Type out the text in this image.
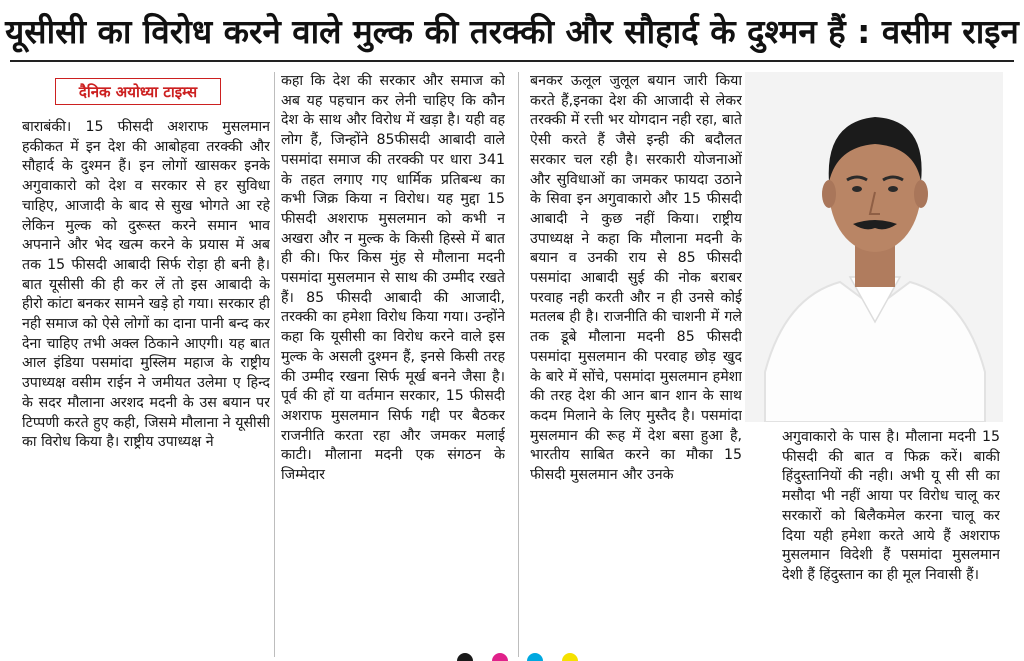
यूसीसी का विरोध करने वाले मुल्क की तरक्की और सौहार्द के दुश्मन हैं : वसीम राइन
दैनिक अयोध्या टाइम्स

बाराबंकी। 15 फीसदी अशराफ मुसलमान हकीकत में इन देश की आबोहवा तरक्की और सौहार्द के दुश्मन हैं। इन लोगों खासकर इनके अगुवाकारो को देश व सरकार से हर सुविधा चाहिए, आजादी के बाद से सुख भोगते आ रहे लेकिन मुल्क को दुरूस्त करने समान भाव अपनाने और भेद खत्म करने के प्रयास में अब तक 15 फीसदी आबादी सिर्फ रोड़ा ही बनी है। बात यूसीसी की ही कर लें तो इस आबादी के हीरो कांटा बनकर सामने खड़े हो गया। सरकार ही नही समाज को ऐसे लोगों का दाना पानी बन्द कर देना चाहिए तभी अक्ल ठिकाने आएगी। यह बात आल इंडिया पसमांदा मुस्लिम महाज के राष्ट्रीय उपाध्यक्ष वसीम राईन ने जमीयत उलेमा ए हिन्द के सदर मौलाना अरशद मदनी के उस बयान पर टिप्पणी करते हुए कही, जिसमे मौलाना ने यूसीसी का विरोध किया है। राष्ट्रीय उपाध्यक्ष ने

कहा कि देश की सरकार और समाज को अब यह पहचान कर लेनी चाहिए कि कौन देश के साथ और विरोध में खड़ा है। यही वह लोग हैं, जिन्होंने 85फीसदी आबादी वाले पसमांदा समाज की तरक्की पर धारा 341 के तहत लगाए गए धार्मिक प्रतिबन्ध का कभी जिक्र किया न विरोध। यह मुद्दा 15 फीसदी अशराफ मुसलमान को कभी न अखरा और न मुल्क के किसी हिस्से में बात ही की। फिर किस मुंह से मौलाना मदनी पसमांदा मुसलमान से साथ की उम्मीद रखते हैं। 85 फीसदी आबादी की आजादी, तरक्की का हमेशा विरोध किया गया। उन्होंने कहा कि यूसीसी का विरोध करने वाले इस मुल्क के असली दुश्मन हैं, इनसे किसी तरह की उम्मीद रखना सिर्फ मूर्ख बनने जैसा है। पूर्व की हों या वर्तमान सरकार, 15 फीसदी अशराफ मुसलमान सिर्फ गद्दी पर बैठकर राजनीति करता रहा और जमकर मलाई काटी। मौलाना मदनी एक संगठन के जिम्मेदार

बनकर ऊलूल जुलूल बयान जारी किया करते हैं,इनका देश की आजादी से लेकर तरक्की में रत्ती भर योगदान नही रहा, बाते ऐसी करते हैं जैसे इन्ही की बदौलत सरकार चल रही है। सरकारी योजनाओं और सुविधाओं का जमकर फायदा उठाने के सिवा इन अगुवाकारो और 15 फीसदी आबादी ने कुछ नहीं किया। राष्ट्रीय उपाध्यक्ष ने कहा कि मौलाना मदनी के बयान व उनकी राय से 85 फीसदी पसमांदा आबादी सुई की नोक बराबर परवाह नही करती और न ही उनसे कोई मतलब ही है। राजनीति की चाशनी में गले तक डूबे मौलाना मदनी 85 फीसदी पसमांदा मुसलमान की परवाह छोड़ खुद के बारे में सोंचे, पसमांदा मुसलमान हमेशा की तरह देश की आन बान शान के साथ कदम मिलाने के लिए मुस्तैद है। पसमांदा मुसलमान की रूह में देश बसा हुआ है, भारतीय साबित करने का मौका 15 फीसदी मुसलमान और उनके

अगुवाकारो के पास है। मौलाना मदनी 15 फीसदी की बात व फिक्र करें। बाकी हिंदुस्तानियों की नही। अभी यू सी सी का मसौदा भी नहीं आया पर विरोध चालू कर सरकारों को बिलैकमेल करना चालू कर दिया यही हमेशा करते आये हैं अशराफ मुसलमान विदेशी हैं पसमांदा मुसलमान देशी हैं हिंदुस्तान का ही मूल निवासी हैं।
